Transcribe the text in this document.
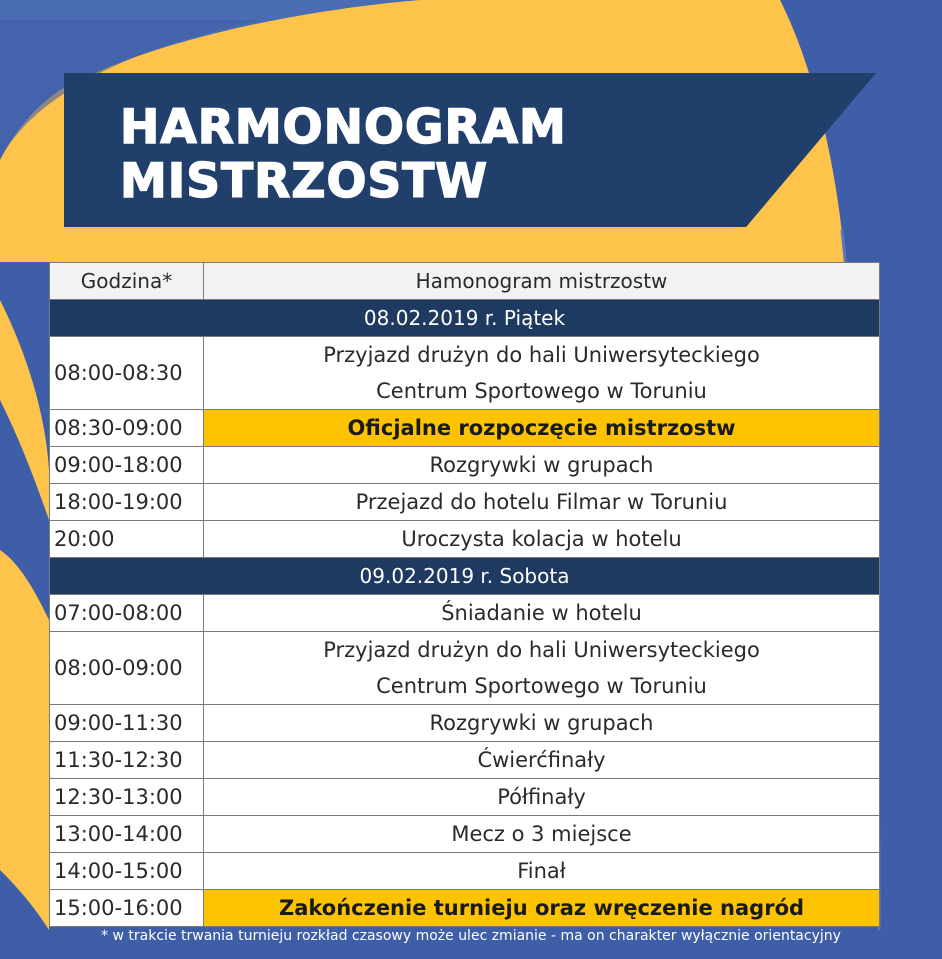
HARMONOGRAM
MISTRZOSTW
Godzina*	Hamonogram mistrzostw
08.02.2019 r. Piątek	
08:00-08:30	Przyjazd drużyn do hali Uniwersyteckiego Centrum Sportowego w Toruniu
08:30-09:00	Oficjalne rozpoczęcie mistrzostw
09:00-18:00	Rozgrywki w grupach
18:00-19:00	Przejazd do hotelu Filmar w Toruniu
20:00	Uroczysta kolacja w hotelu
09.02.2019 r. Sobota	
07:00-08:00	Śniadanie w hotelu
08:00-09:00	Przyjazd drużyn do hali Uniwersyteckiego Centrum Sportowego w Toruniu
09:00-11:30	Rozgrywki w grupach
11:30-12:30	Ćwierćfinały
12:30-13:00	Półfinały
13:00-14:00	Mecz o 3 miejsce
14:00-15:00	Finał
15:00-16:00	Zakończenie turnieju oraz wręczenie nagród
* w trakcie trwania turnieju rozkład czasowy może ulec zmianie - ma on charakter wyłącznie orientacyjny
